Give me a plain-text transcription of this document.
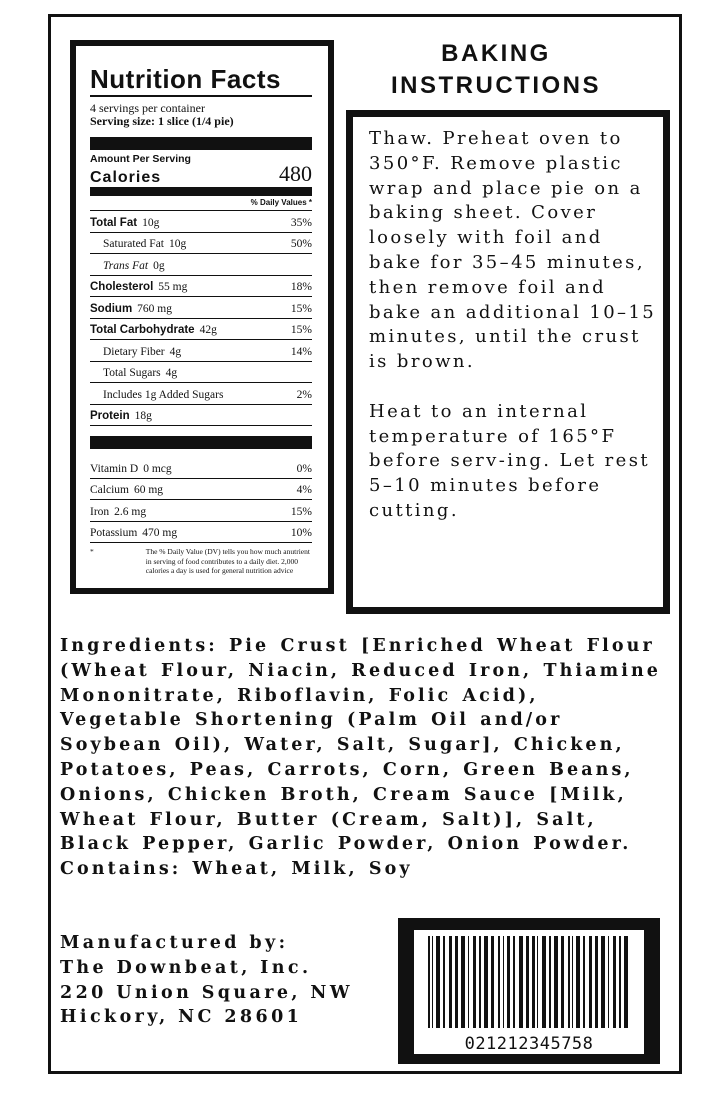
Nutrition Facts
4 servings per container
Serving size: 1 slice (1/4 pie)
Amount Per Serving
Calories	480
% Daily Values *
Total Fat 10g	35%
Saturated Fat 10g	50%
Trans Fat 0g
Cholesterol 55 mg	18%
Sodium 760 mg	15%
Total Carbohydrate 42g	15%
Dietary Fiber 4g	14%
Total Sugars 4g
Includes 1g Added Sugars	2%
Protein 18g
Vitamin D 0 mcg	0%
Calcium 60 mg	4%
Iron 2.6 mg	15%
Potassium 470 mg	10%
*	The % Daily Value (DV) tells you how much anutrient in serving of food contributes to a daily diet. 2,000 calories a day is used for general nutrition advice
BAKING
INSTRUCTIONS

Thaw. Preheat oven to 350°F. Remove plastic wrap and place pie on a baking sheet. Cover loosely with foil and bake for 35–45 minutes, then remove foil and bake an additional 10–15 minutes, until the crust is brown.

Heat to an internal temperature of 165°F before serv-ing. Let rest 5–10 minutes before cutting.

Ingredients: Pie Crust [Enriched Wheat Flour (Wheat Flour, Niacin, Reduced Iron, Thiamine Mononitrate, Riboflavin, Folic Acid), Vegetable Shortening (Palm Oil and/or Soybean Oil), Water, Salt, Sugar], Chicken, Potatoes, Peas, Carrots, Corn, Green Beans, Onions, Chicken Broth, Cream Sauce [Milk, Wheat Flour, Butter (Cream, Salt)], Salt, Black Pepper, Garlic Powder, Onion Powder.

Contains: Wheat, Milk, Soy

Manufactured by:
The Downbeat, Inc.
220 Union Square, NW
Hickory, NC 28601
021212345758
